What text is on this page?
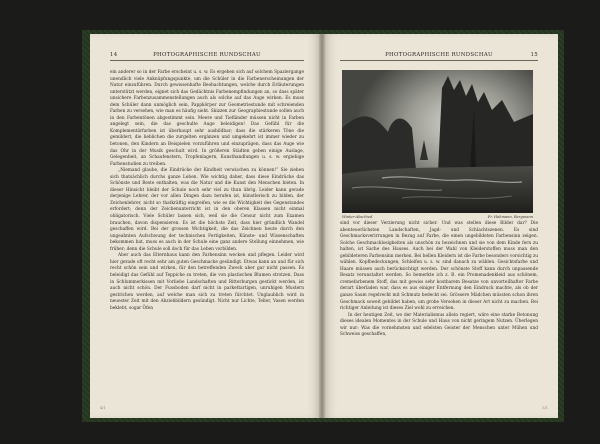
14	PHOTOGRAPHISCHE RUNDSCHAU

ein anderer so in der Farbe erscheint u. s. w. Es ergeben sich auf solchem Spaziergange unendlich viele Anknüpfungspunkte, um die Schüler in die Farbenerscheinungen der Natur einzuführen. Durch gewissenhafte Beobachtungen, welche durch Erläuterungen unterstützt werden, eignet sich das Gedächtnis Farbenempfindungen an, so dass später unsichere Farbenzusammenstellungen auch als solche auf das Auge wirken. Es muss dem Schüler dann unmöglich sein, Pappkörper zur Geometriestunde mit schreienden Farben zu versehen, wie man es häufig sieht. Skizzen zur Geographiestunde sollen auch in den Farbentönen abgestimmt sein. Meere und Tiefländer müssen nicht in Farben angelegt sein, die das geschulte Auge beleidigen! Das Gefühl für die Komplementärfarben ist überhaupt sehr ausbildbar; dass die stärkeren Töne die gemildert, die lieblichen die zurgelten ergänzen und umgekehrt ist immer wieder zu betonen, den Kindern an Beispielen vorzuführen und einzuprägen, dass das Auge wie das Ohr in der Musik geschult wird. In größeren Städten geben einige Auslage, Gelegenheit, an Schaufenstern, Tropfenlagern, Kunsthandlungen u. s. w. ergiebige Farbenstudien zu treiben.

„Niemand glaube, die Eindrücke der Kindheit verwischen zu können!“ Sie ziehen sich thatsächlich durchs ganze Leben. Wie wichtig daher, dass diese Eindrücke das Schönste und Beste enthalten, was die Natur und die Kunst den Menschen bieten. In dieser Hinsicht bleibt der Schule noch sehr viel zu thun übrig. Leider kann gerade derjenige Lehrer, der vor allen Dingen dazu berufen ist, künstlerisch zu bilden, der Zeichenlehrer, nicht so thatkräftig eingreifen, wie es die Wichtigkeit des Gegenstandes erfordert; denn der Zeichenunterricht ist in den oberen Klassen nicht einmal obligatorisch. Viele Schüler lassen sich, weil sie die Censur nicht zum Examen brauchen, davon dispensieren. Es ist die höchste Zeit, dass hier gründlich Wandel geschaffen wird. Bei der grossen Wichtigkeit, die das Zeichnen heute durch den ungeahnten Aufschwung der technischen Fertigkeiten, Künste- und Wissenschaften bekommen hat, muss es auch in der Schule eine ganz andere Stellung einnehmen, wie früher; denn die Schule soll doch für das Leben vorbilden.

Aber auch das Elternhaus kann den Farbensinn wecken und pflegen. Leider wird hier gerade oft recht sehr am guten Geschmacke gesündigt. Etwas kann an und für sich recht schön sein und wirken, für den betreffenden Zweck aber gar nicht passen. Es beleidigt das Gefühl auf Teppiche zu treten, die von plastischen Blumen strotzen. Dass in Schlummerkissen mit Vorliebe Landschaften und Ritterburgen gestickt werden, ist auch nicht schön. Der Fussboden darf nicht in parkettartigen, unruhigen Mustern gestrichen werden, auf welche man sich zu treten fürchtet. Unglaublich wird in neuester Zeit mit den Abziehbildern gesündigt. Nicht nur Lichte, Teller, Vasen werden beklebt, sogar Öfen

4/1
PHOTOGRAPHISCHE RUNDSCHAU	15
Winter-Abschied.	Fr. Hahmann, Bergmann

sind vor dieser Verzierung nicht sicher. Und was stellen diese Bilder dar? Die abenteuerlichsten Landschaften, Jagd- und Schlachtszenen. Es sind Geschmacksverirrungen in Bezug auf Farbe, die einen ungebildeten Farbensinn zeigen. Solche Geschmacklosigkeiten als unschön zu bezeichnen und sie von dem Kinde fern zu halten, ist Sache des Hauses. Auch bei der Wahl von Kleiderstoffen muss man den gebildeteren Farbensinn merken. Bei hellen Kleidern ist die Farbe besonders vorsichtig zu wählen. Kopfbedeckungen, Schleifen u. s. w. sind danach zu wählen. Gesichtsfarbe und Haare müssen auch berücksichtigt werden. Der schönste Stoff kann durch unpassende Besatz verunstaltet werden. So bemerkte ich z. B. ein Promenadenkleid aus schönem, cremefarbenem Stoff, das mit gewiss sehr kostbarem Besatze von unvorteilhafter Farbe derart überladen war, dass es aus einiger Entfernung den Eindruck machte, als ob der ganze Saum regelrecht mit Schmutz bedeckt sei. Grössere Mädchen müssten schon ihren Geschmack soweit gebildet haben, um grobe Versehen in dieser Art nicht zu machen. Bei richtiger Anleitung ist dieses Ziel wohl zu erreichen.

In der heutigen Zeit, wo der Materialismus allein regiert, wäre eine starke Betonung dieses idealen Momentes in der Schule und Haus von nicht geringem Nutzen. Überlegen wir nur: Was die vornehmsten und edelsten Geister der Menschen unter Mühen und Schweiss geschaffen,

5/1
